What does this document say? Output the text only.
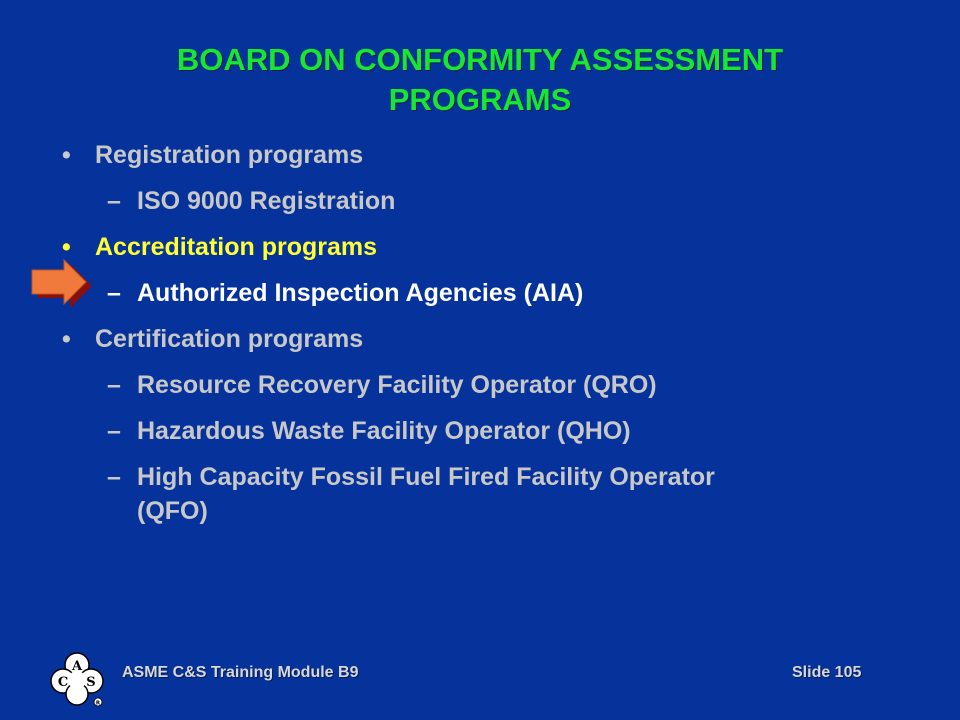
BOARD ON CONFORMITY ASSESSMENT
PROGRAMS
• Registration programs
– ISO 9000 Registration
• Accreditation programs
– Authorized Inspection Agencies (AIA)
• Certification programs
– Resource Recovery Facility Operator (QRO)
– Hazardous Waste Facility Operator (QHO)
– High Capacity Fossil Fuel Fired Facility Operator
(QFO)
A
C S
R
ASME C&S Training Module B9	Slide 105
